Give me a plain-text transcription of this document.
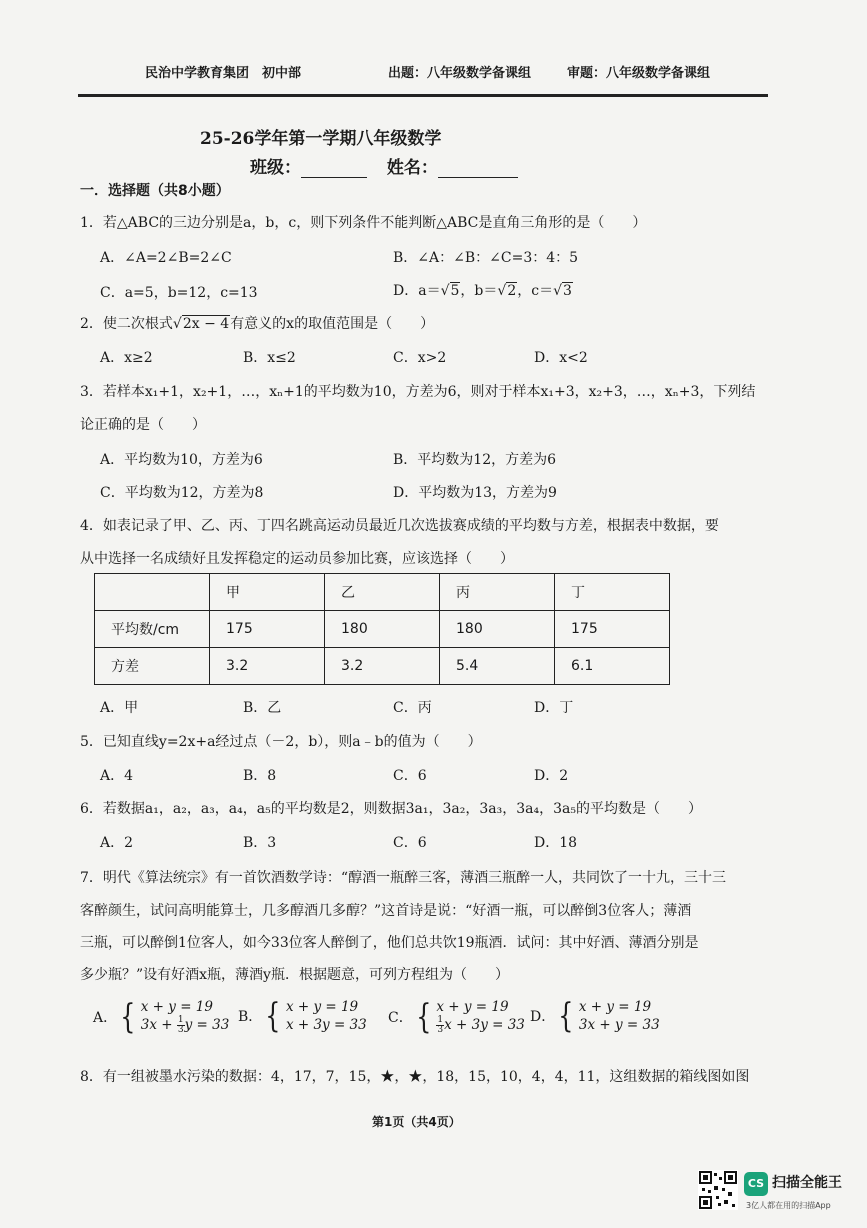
民治中学教育集团　初中部	出题：八年级数学备课组	审题：八年级数学备课组
25-26学年第一学期八年级数学
班级：	姓名：
一．选择题（共8小题）
1．若△ABC的三边分别是a，b，c，则下列条件不能判断△ABC是直角三角形的是（　　）
A．∠A=2∠B=2∠C	B．∠A：∠B：∠C=3：4：5
C．a=5，b=12，c=13	D．a＝√5，b＝√2，c＝√3
2．使二次根式√2x − 4有意义的x的取值范围是（　　）
A．x≥2	B．x≤2	C．x>2	D．x<2
3．若样本x₁+1，x₂+1，…，xₙ+1的平均数为10，方差为6，则对于样本x₁+3，x₂+3，…，xₙ+3，下列结
论正确的是（　　）
A．平均数为10，方差为6	B．平均数为12，方差为6
C．平均数为12，方差为8	D．平均数为13，方差为9
4．如表记录了甲、乙、丙、丁四名跳高运动员最近几次选拔赛成绩的平均数与方差，根据表中数据，要
从中选择一名成绩好且发挥稳定的运动员参加比赛，应该选择（　　）
	甲	乙	丙	丁
平均数/cm	175	180	180	175
方差	3.2	3.2	5.4	6.1
A．甲	B．乙	C．丙	D．丁
5．已知直线y=2x+a经过点（－2，b），则a﹣b的值为（　　）
A．4	B．8	C．6	D．2
6．若数据a₁，a₂，a₃，a₄，a₅的平均数是2，则数据3a₁，3a₂，3a₃，3a₄，3a₅的平均数是（　　）
A．2	B．3	C．6	D．18
7．明代《算法统宗》有一首饮酒数学诗：“醇酒一瓶醉三客，薄酒三瓶醉一人，共同饮了一十九，三十三
客醉颜生，试问高明能算士，几多醇酒几多醇？”这首诗是说：“好酒一瓶，可以醉倒3位客人；薄酒
三瓶，可以醉倒1位客人，如今33位客人醉倒了，他们总共饮19瓶酒．试问：其中好酒、薄酒分别是
多少瓶？”设有好酒x瓶，薄酒y瓶．根据题意，可列方程组为（　　）
A． { x + y = 19
$3x + \frac{1}{3}$ y = 33 B． { x + y = 19
x + 3y = 33 C． { x + y = 19
$\frac{1}{3}$ x + 3y = 33 D． { x + y = 19
3x + y = 33
8．有一组被墨水污染的数据：4，17，7，15，★，★，18，15，10，4，4，11，这组数据的箱线图如图
第1页（共4页）
CS 扫描全能王
3亿人都在用的扫描App
